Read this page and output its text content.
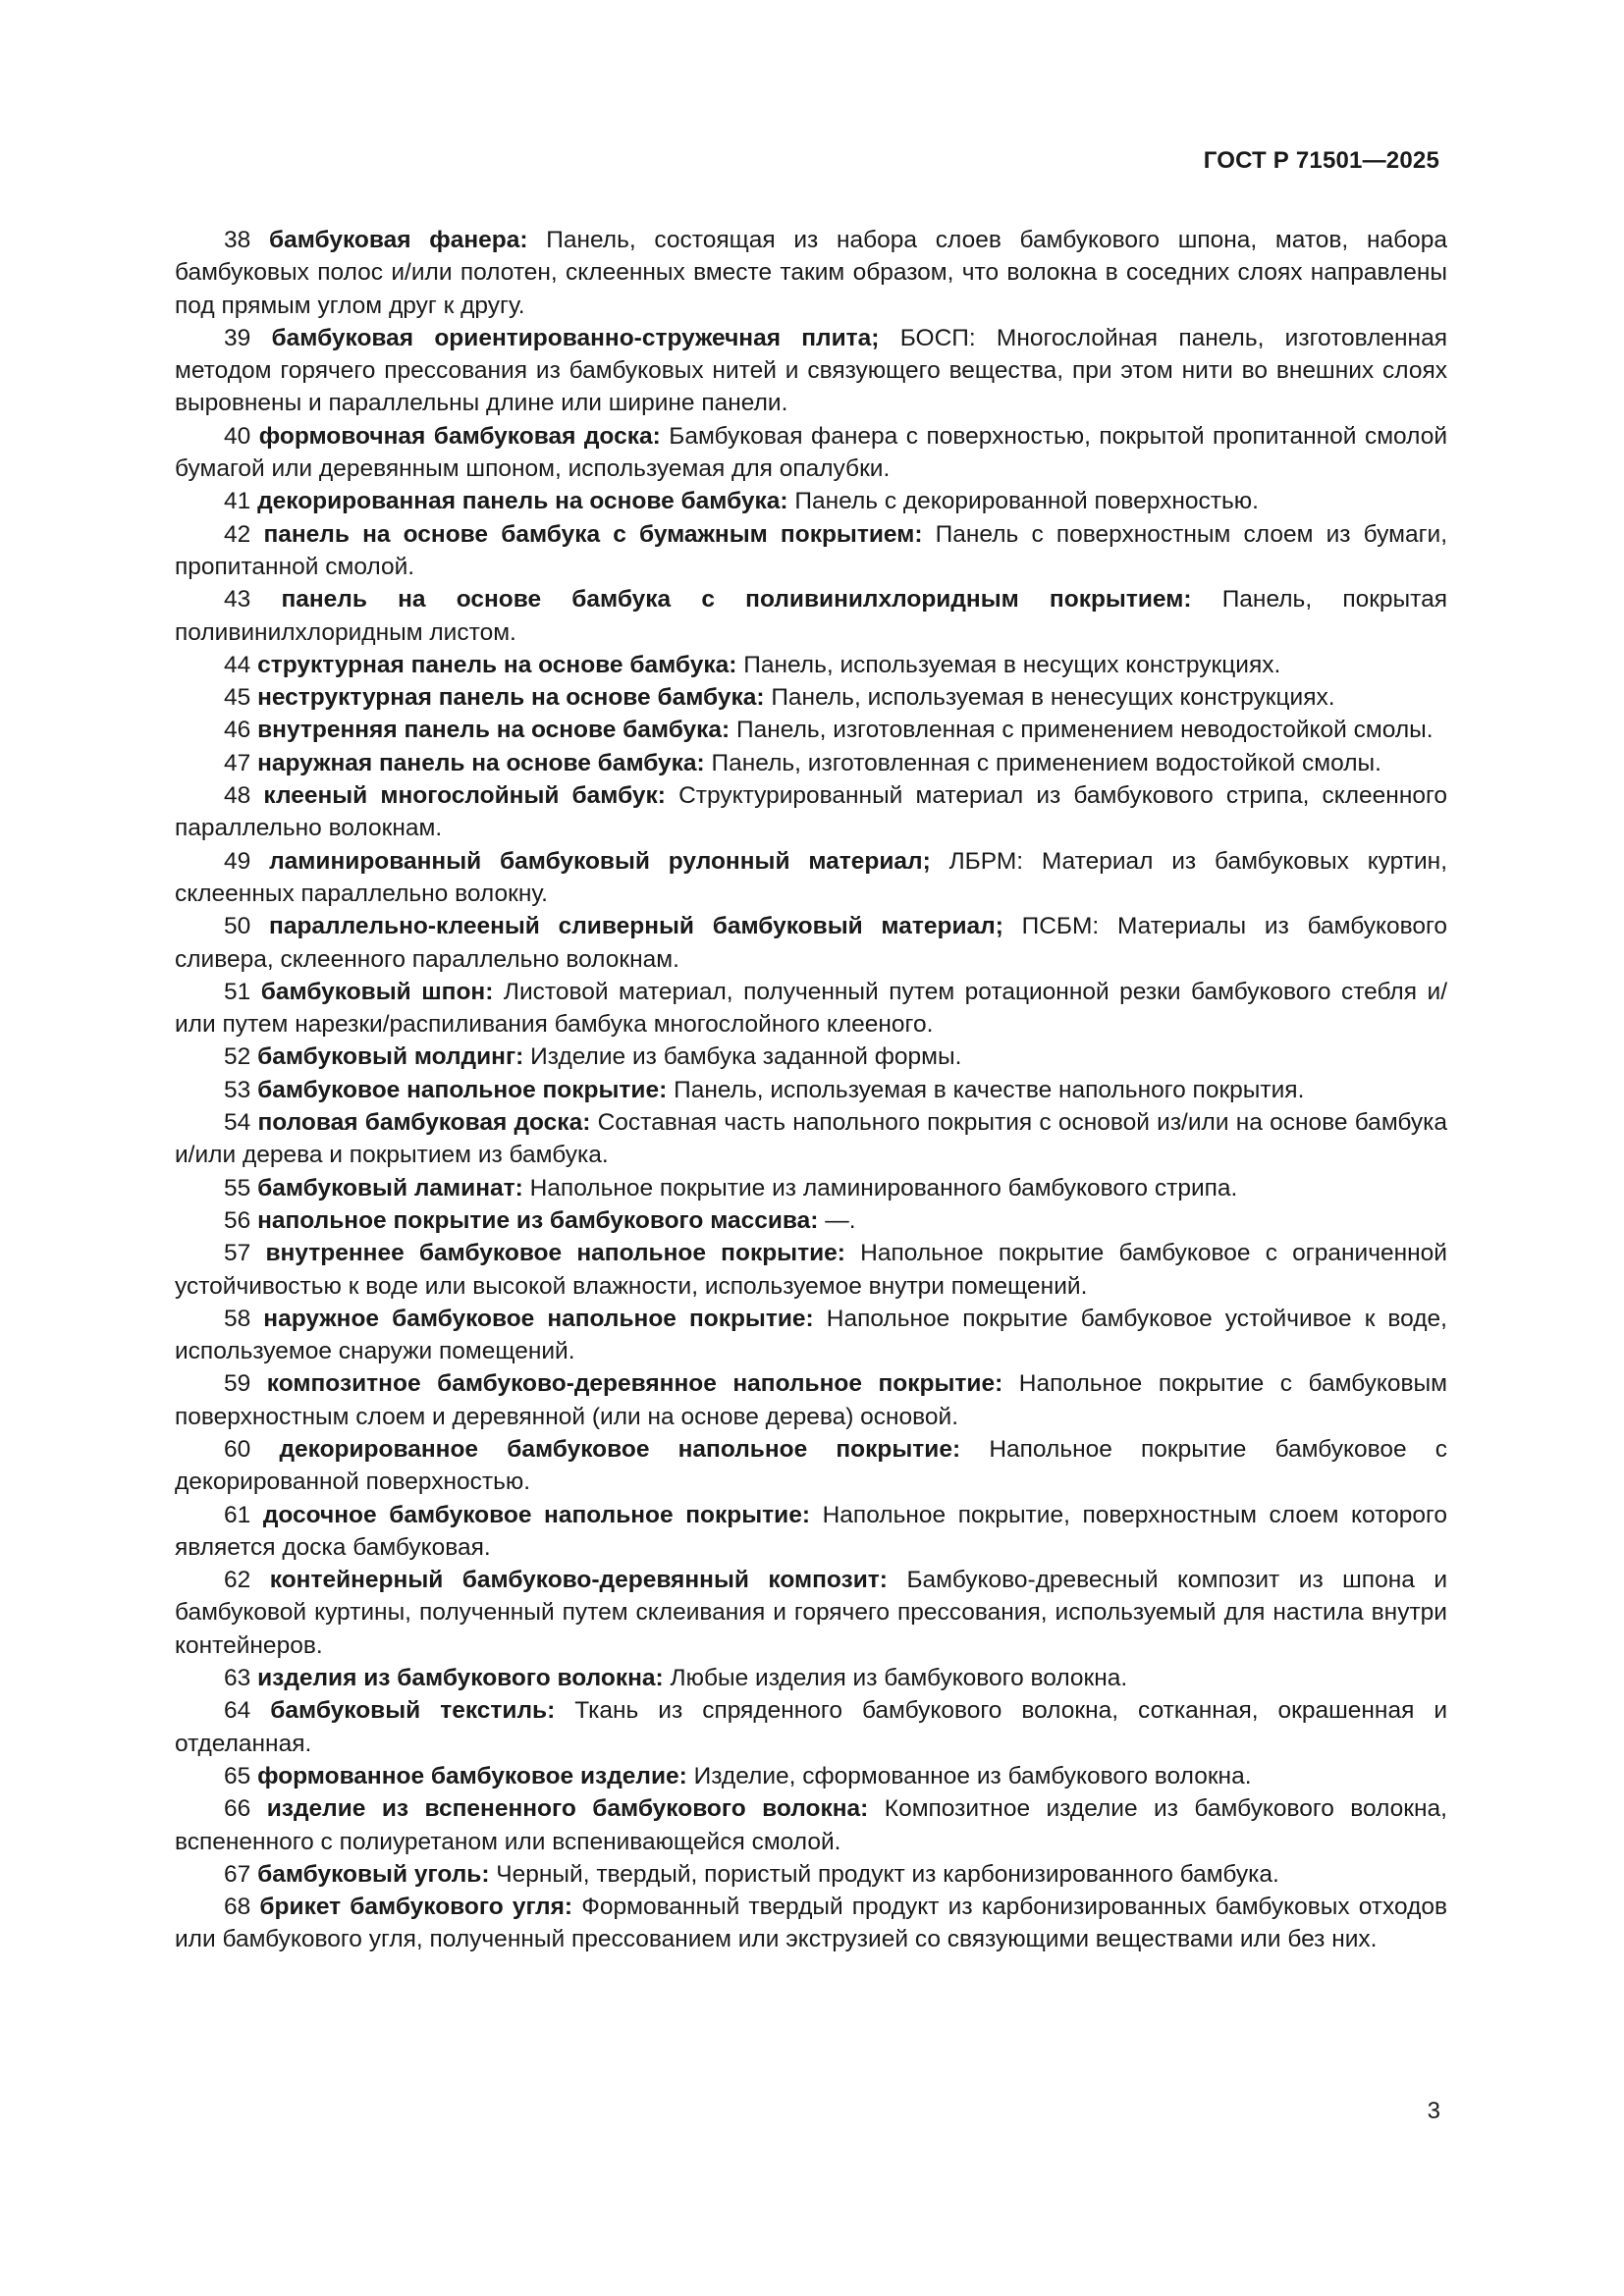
ГОСТ Р 71501—2025

38 бамбуковая фанера: Панель, состоящая из набора слоев бамбукового шпона, матов, набора бамбуковых полос и/или полотен, склеенных вместе таким образом, что волокна в соседних слоях направлены под прямым углом друг к другу.

39 бамбуковая ориентированно-стружечная плита; БОСП: Многослойная панель, изготовленная методом горячего прессования из бамбуковых нитей и связующего вещества, при этом нити во внешних слоях выровнены и параллельны длине или ширине панели.

40 формовочная бамбуковая доска: Бамбуковая фанера с поверхностью, покрытой пропитанной смолой бумагой или деревянным шпоном, используемая для опалубки.

41 декорированная панель на основе бамбука: Панель с декорированной поверхностью.

42 панель на основе бамбука с бумажным покрытием: Панель с поверхностным слоем из бумаги, пропитанной смолой.

43 панель на основе бамбука с поливинилхлоридным покрытием: Панель, покрытая поливинилхлоридным листом.

44 структурная панель на основе бамбука: Панель, используемая в несущих конструкциях.

45 неструктурная панель на основе бамбука: Панель, используемая в ненесущих конструкциях.

46 внутренняя панель на основе бамбука: Панель, изготовленная с применением неводостойкой смолы.

47 наружная панель на основе бамбука: Панель, изготовленная с применением водостойкой смолы.

48 клееный многослойный бамбук: Структурированный материал из бамбукового стрипа, склеенного параллельно волокнам.

49 ламинированный бамбуковый рулонный материал; ЛБРМ: Материал из бамбуковых куртин, склеенных параллельно волокну.

50 параллельно-клееный сливерный бамбуковый материал; ПСБМ: Материалы из бамбукового сливера, склеенного параллельно волокнам.

51 бамбуковый шпон: Листовой материал, полученный путем ротационной резки бамбукового стебля и/или путем нарезки/распиливания бамбука многослойного клееного.

52 бамбуковый молдинг: Изделие из бамбука заданной формы.

53 бамбуковое напольное покрытие: Панель, используемая в качестве напольного покрытия.

54 половая бамбуковая доска: Составная часть напольного покрытия с основой из/или на основе бамбука и/или дерева и покрытием из бамбука.

55 бамбуковый ламинат: Напольное покрытие из ламинированного бамбукового стрипа.

56 напольное покрытие из бамбукового массива: —.

57 внутреннее бамбуковое напольное покрытие: Напольное покрытие бамбуковое с ограниченной устойчивостью к воде или высокой влажности, используемое внутри помещений.

58 наружное бамбуковое напольное покрытие: Напольное покрытие бамбуковое устойчивое к воде, используемое снаружи помещений.

59 композитное бамбуково-деревянное напольное покрытие: Напольное покрытие с бамбуковым поверхностным слоем и деревянной (или на основе дерева) основой.

60 декорированное бамбуковое напольное покрытие: Напольное покрытие бамбуковое с декорированной поверхностью.

61 досочное бамбуковое напольное покрытие: Напольное покрытие, поверхностным слоем которого является доска бамбуковая.

62 контейнерный бамбуково-деревянный композит: Бамбуково-древесный композит из шпона и бамбуковой куртины, полученный путем склеивания и горячего прессования, используемый для настила внутри контейнеров.

63 изделия из бамбукового волокна: Любые изделия из бамбукового волокна.

64 бамбуковый текстиль: Ткань из спряденного бамбукового волокна, сотканная, окрашенная и отделанная.

65 формованное бамбуковое изделие: Изделие, сформованное из бамбукового волокна.

66 изделие из вспененного бамбукового волокна: Композитное изделие из бамбукового волокна, вспененного с полиуретаном или вспенивающейся смолой.

67 бамбуковый уголь: Черный, твердый, пористый продукт из карбонизированного бамбука.

68 брикет бамбукового угля: Формованный твердый продукт из карбонизированных бамбуковых отходов или бамбукового угля, полученный прессованием или экструзией со связующими веществами или без них.

3
